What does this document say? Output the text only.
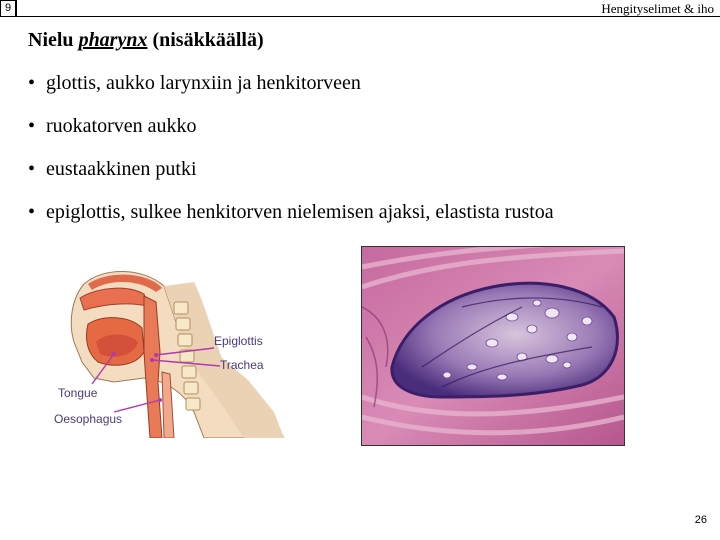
9	Hengityselimet & iho
Nielu pharynx (nisäkkäällä)
• glottis, aukko larynxiin ja henkitorveen
• ruokatorven aukko
• eustaakkinen putki
• epiglottis, sulkee henkitorven nielemisen ajaksi, elastista rustoa
Epiglottis
Trachea
Tongue
Oesophagus
26
